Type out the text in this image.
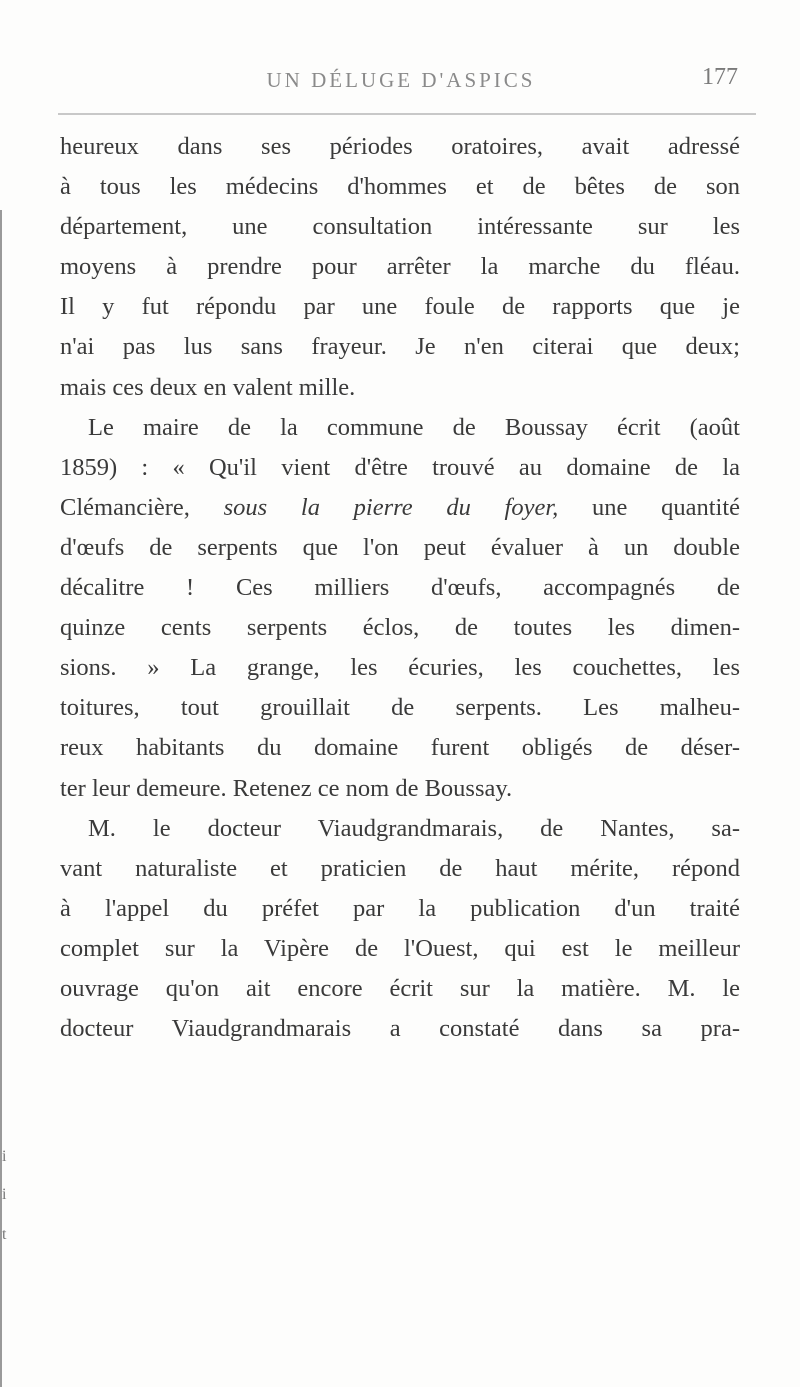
UN DÉLUGE D'ASPICS	177
heureux dans ses périodes oratoires, avait adressé
à tous les médecins d'hommes et de bêtes de son
département, une consultation intéressante sur les
moyens à prendre pour arrêter la marche du fléau.
Il y fut répondu par une foule de rapports que je
n'ai pas lus sans frayeur. Je n'en citerai que deux;
mais ces deux en valent mille.
Le maire de la commune de Boussay écrit (août
1859) : « Qu'il vient d'être trouvé au domaine de la
Clémancière, sous la pierre du foyer, une quantité
d'œufs de serpents que l'on peut évaluer à un double
décalitre ! Ces milliers d'œufs, accompagnés de
quinze cents serpents éclos, de toutes les dimen-
sions. » La grange, les écuries, les couchettes, les
toitures, tout grouillait de serpents. Les malheu-
reux habitants du domaine furent obligés de déser-
ter leur demeure. Retenez ce nom de Boussay.
M. le docteur Viaudgrandmarais, de Nantes, sa-
vant naturaliste et praticien de haut mérite, répond
à l'appel du préfet par la publication d'un traité
complet sur la Vipère de l'Ouest, qui est le meilleur
ouvrage qu'on ait encore écrit sur la matière. M. le
docteur Viaudgrandmarais a constaté dans sa pra-
i
i
t
